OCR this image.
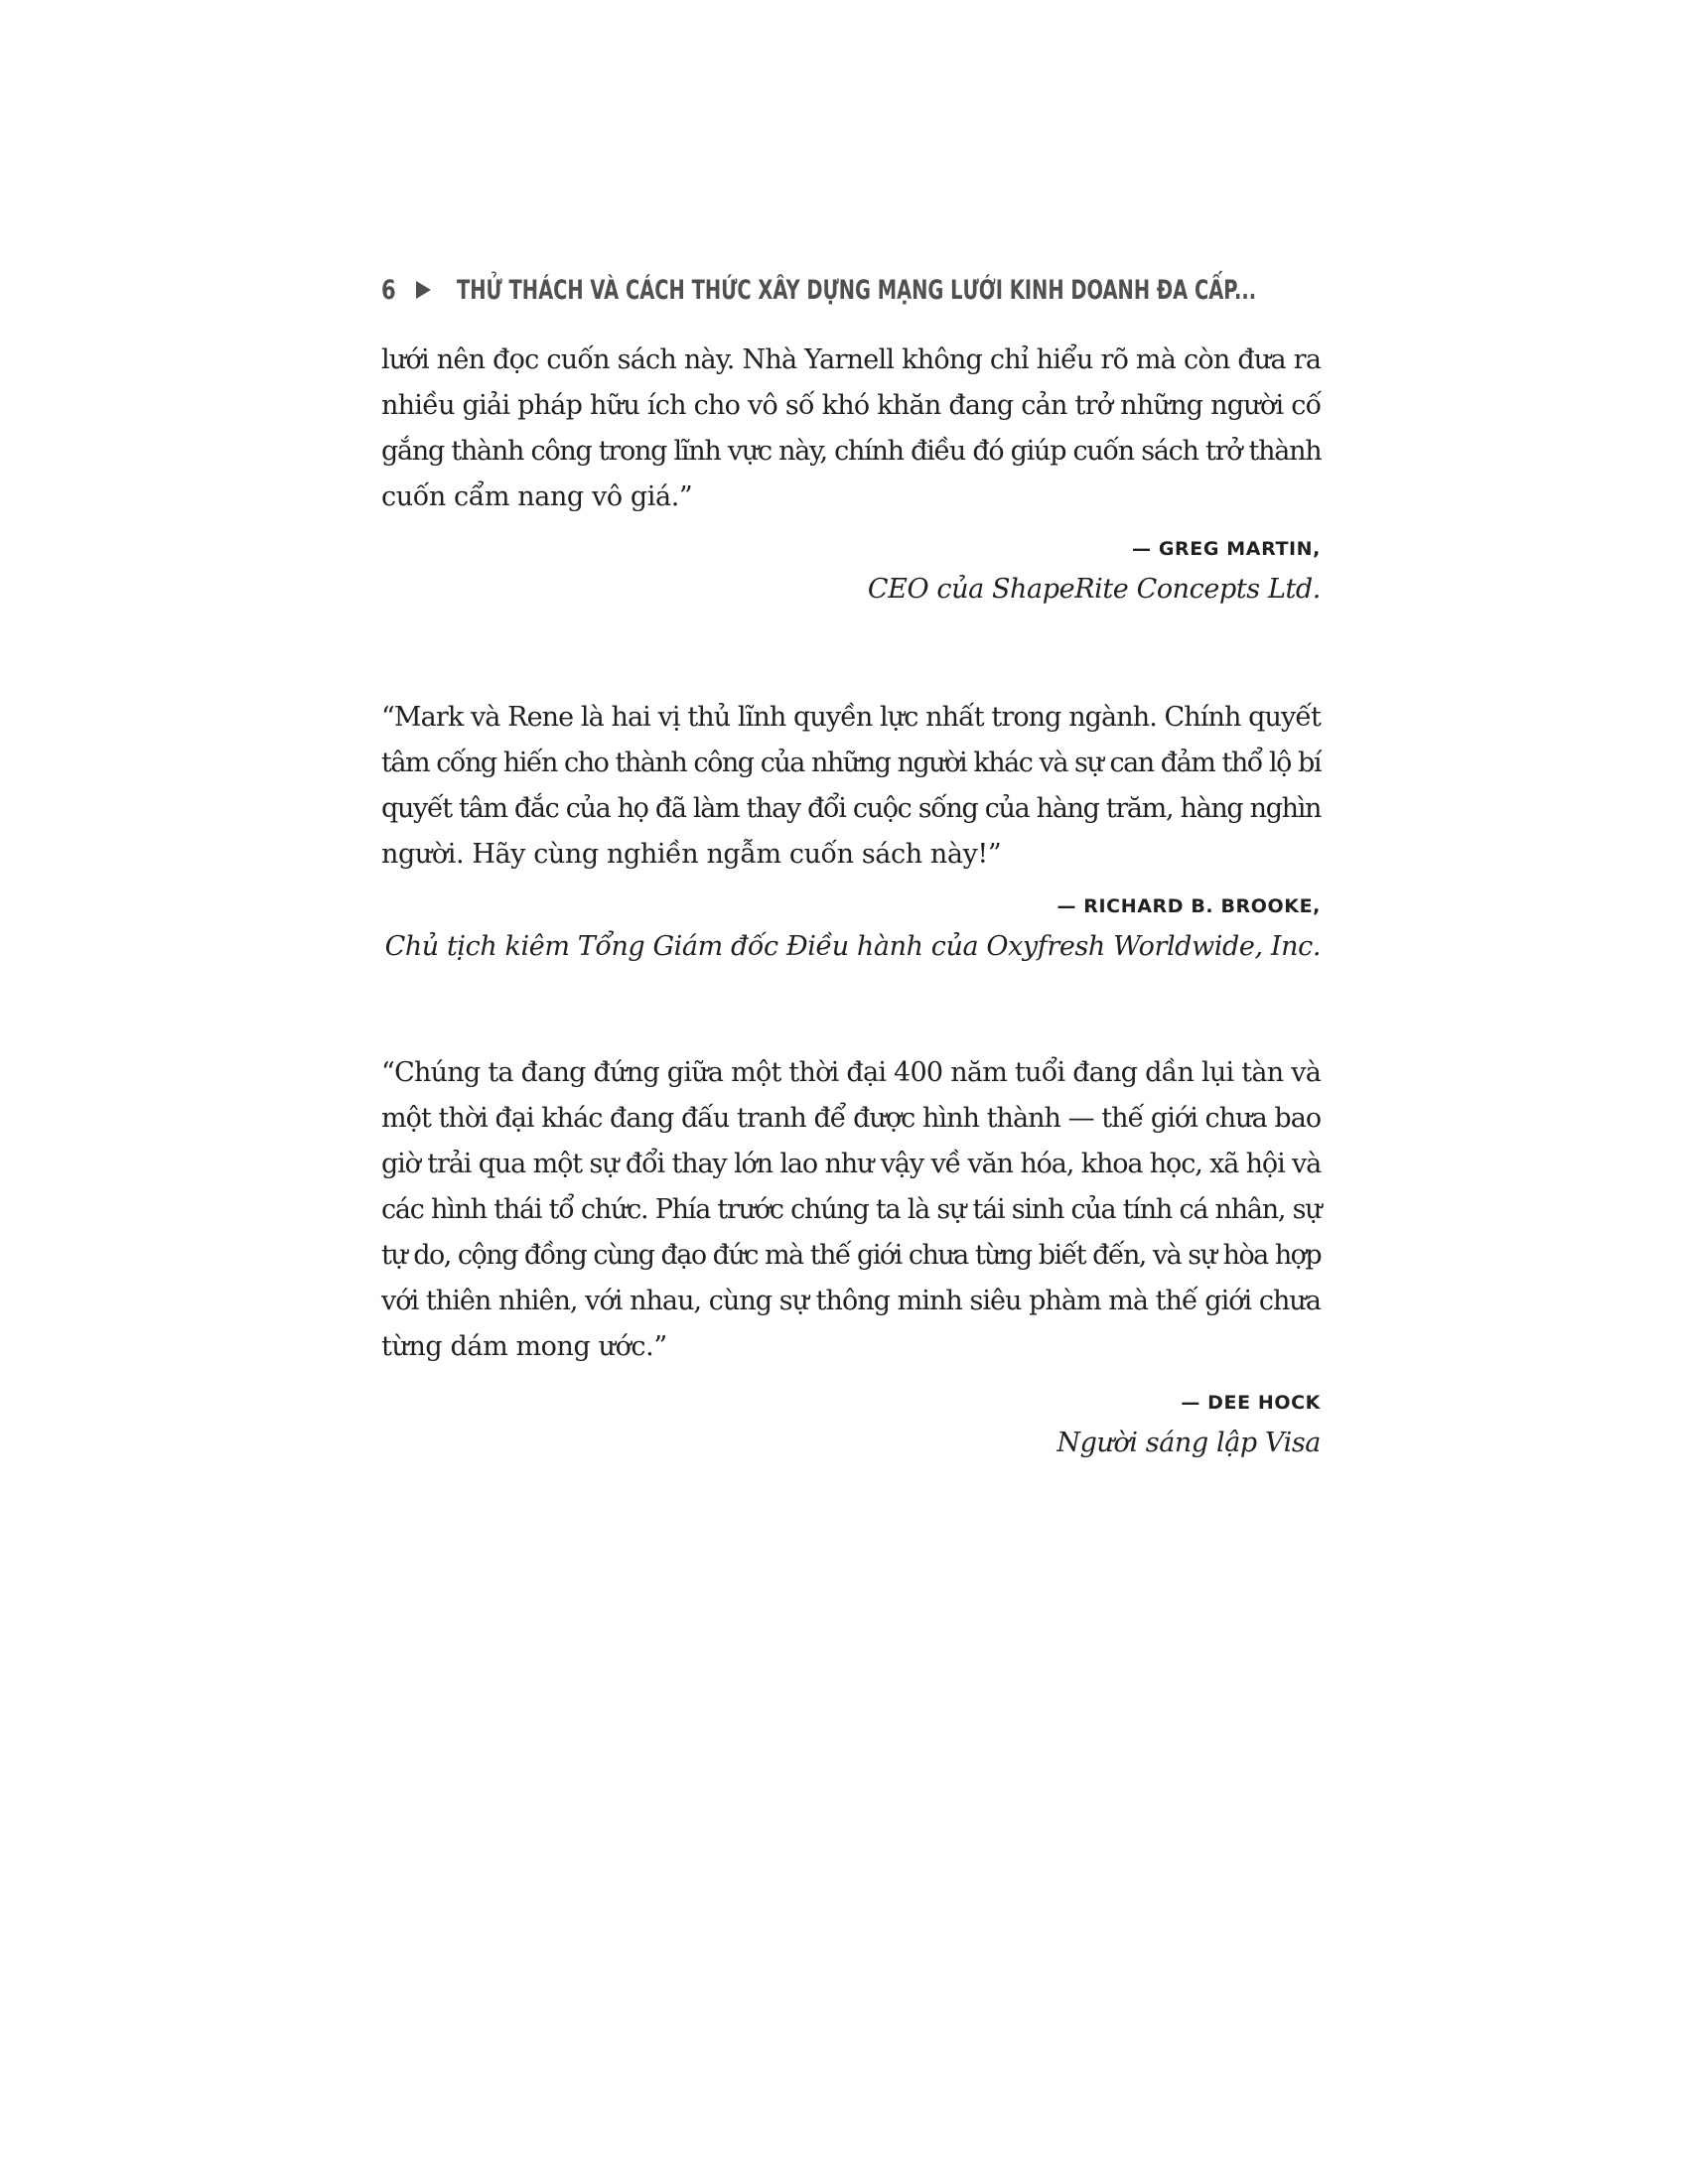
6 THỬ THÁCH VÀ CÁCH THỨC XÂY DỰNG MẠNG LƯỚI KINH DOANH ĐA CẤP...
lưới nên đọc cuốn sách này. Nhà Yarnell không chỉ hiểu rõ mà còn đưa ra
nhiều giải pháp hữu ích cho vô số khó khăn đang cản trở những người cố
gắng thành công trong lĩnh vực này, chính điều đó giúp cuốn sách trở thành
cuốn cẩm nang vô giá.”

— GREG MARTIN,

CEO của ShapeRite Concepts Ltd.

“Mark và Rene là hai vị thủ lĩnh quyền lực nhất trong ngành. Chính quyết
tâm cống hiến cho thành công của những người khác và sự can đảm thổ lộ bí
quyết tâm đắc của họ đã làm thay đổi cuộc sống của hàng trăm, hàng nghìn
người. Hãy cùng nghiền ngẫm cuốn sách này!”

— RICHARD B. BROOKE,

Chủ tịch kiêm Tổng Giám đốc Điều hành của Oxyfresh Worldwide, Inc.

“Chúng ta đang đứng giữa một thời đại 400 năm tuổi đang dần lụi tàn và
một thời đại khác đang đấu tranh để được hình thành — thế giới chưa bao
giờ trải qua một sự đổi thay lớn lao như vậy về văn hóa, khoa học, xã hội và
các hình thái tổ chức. Phía trước chúng ta là sự tái sinh của tính cá nhân, sự
tự do, cộng đồng cùng đạo đức mà thế giới chưa từng biết đến, và sự hòa hợp
với thiên nhiên, với nhau, cùng sự thông minh siêu phàm mà thế giới chưa
từng dám mong ước.”

— DEE HOCK

Người sáng lập Visa
